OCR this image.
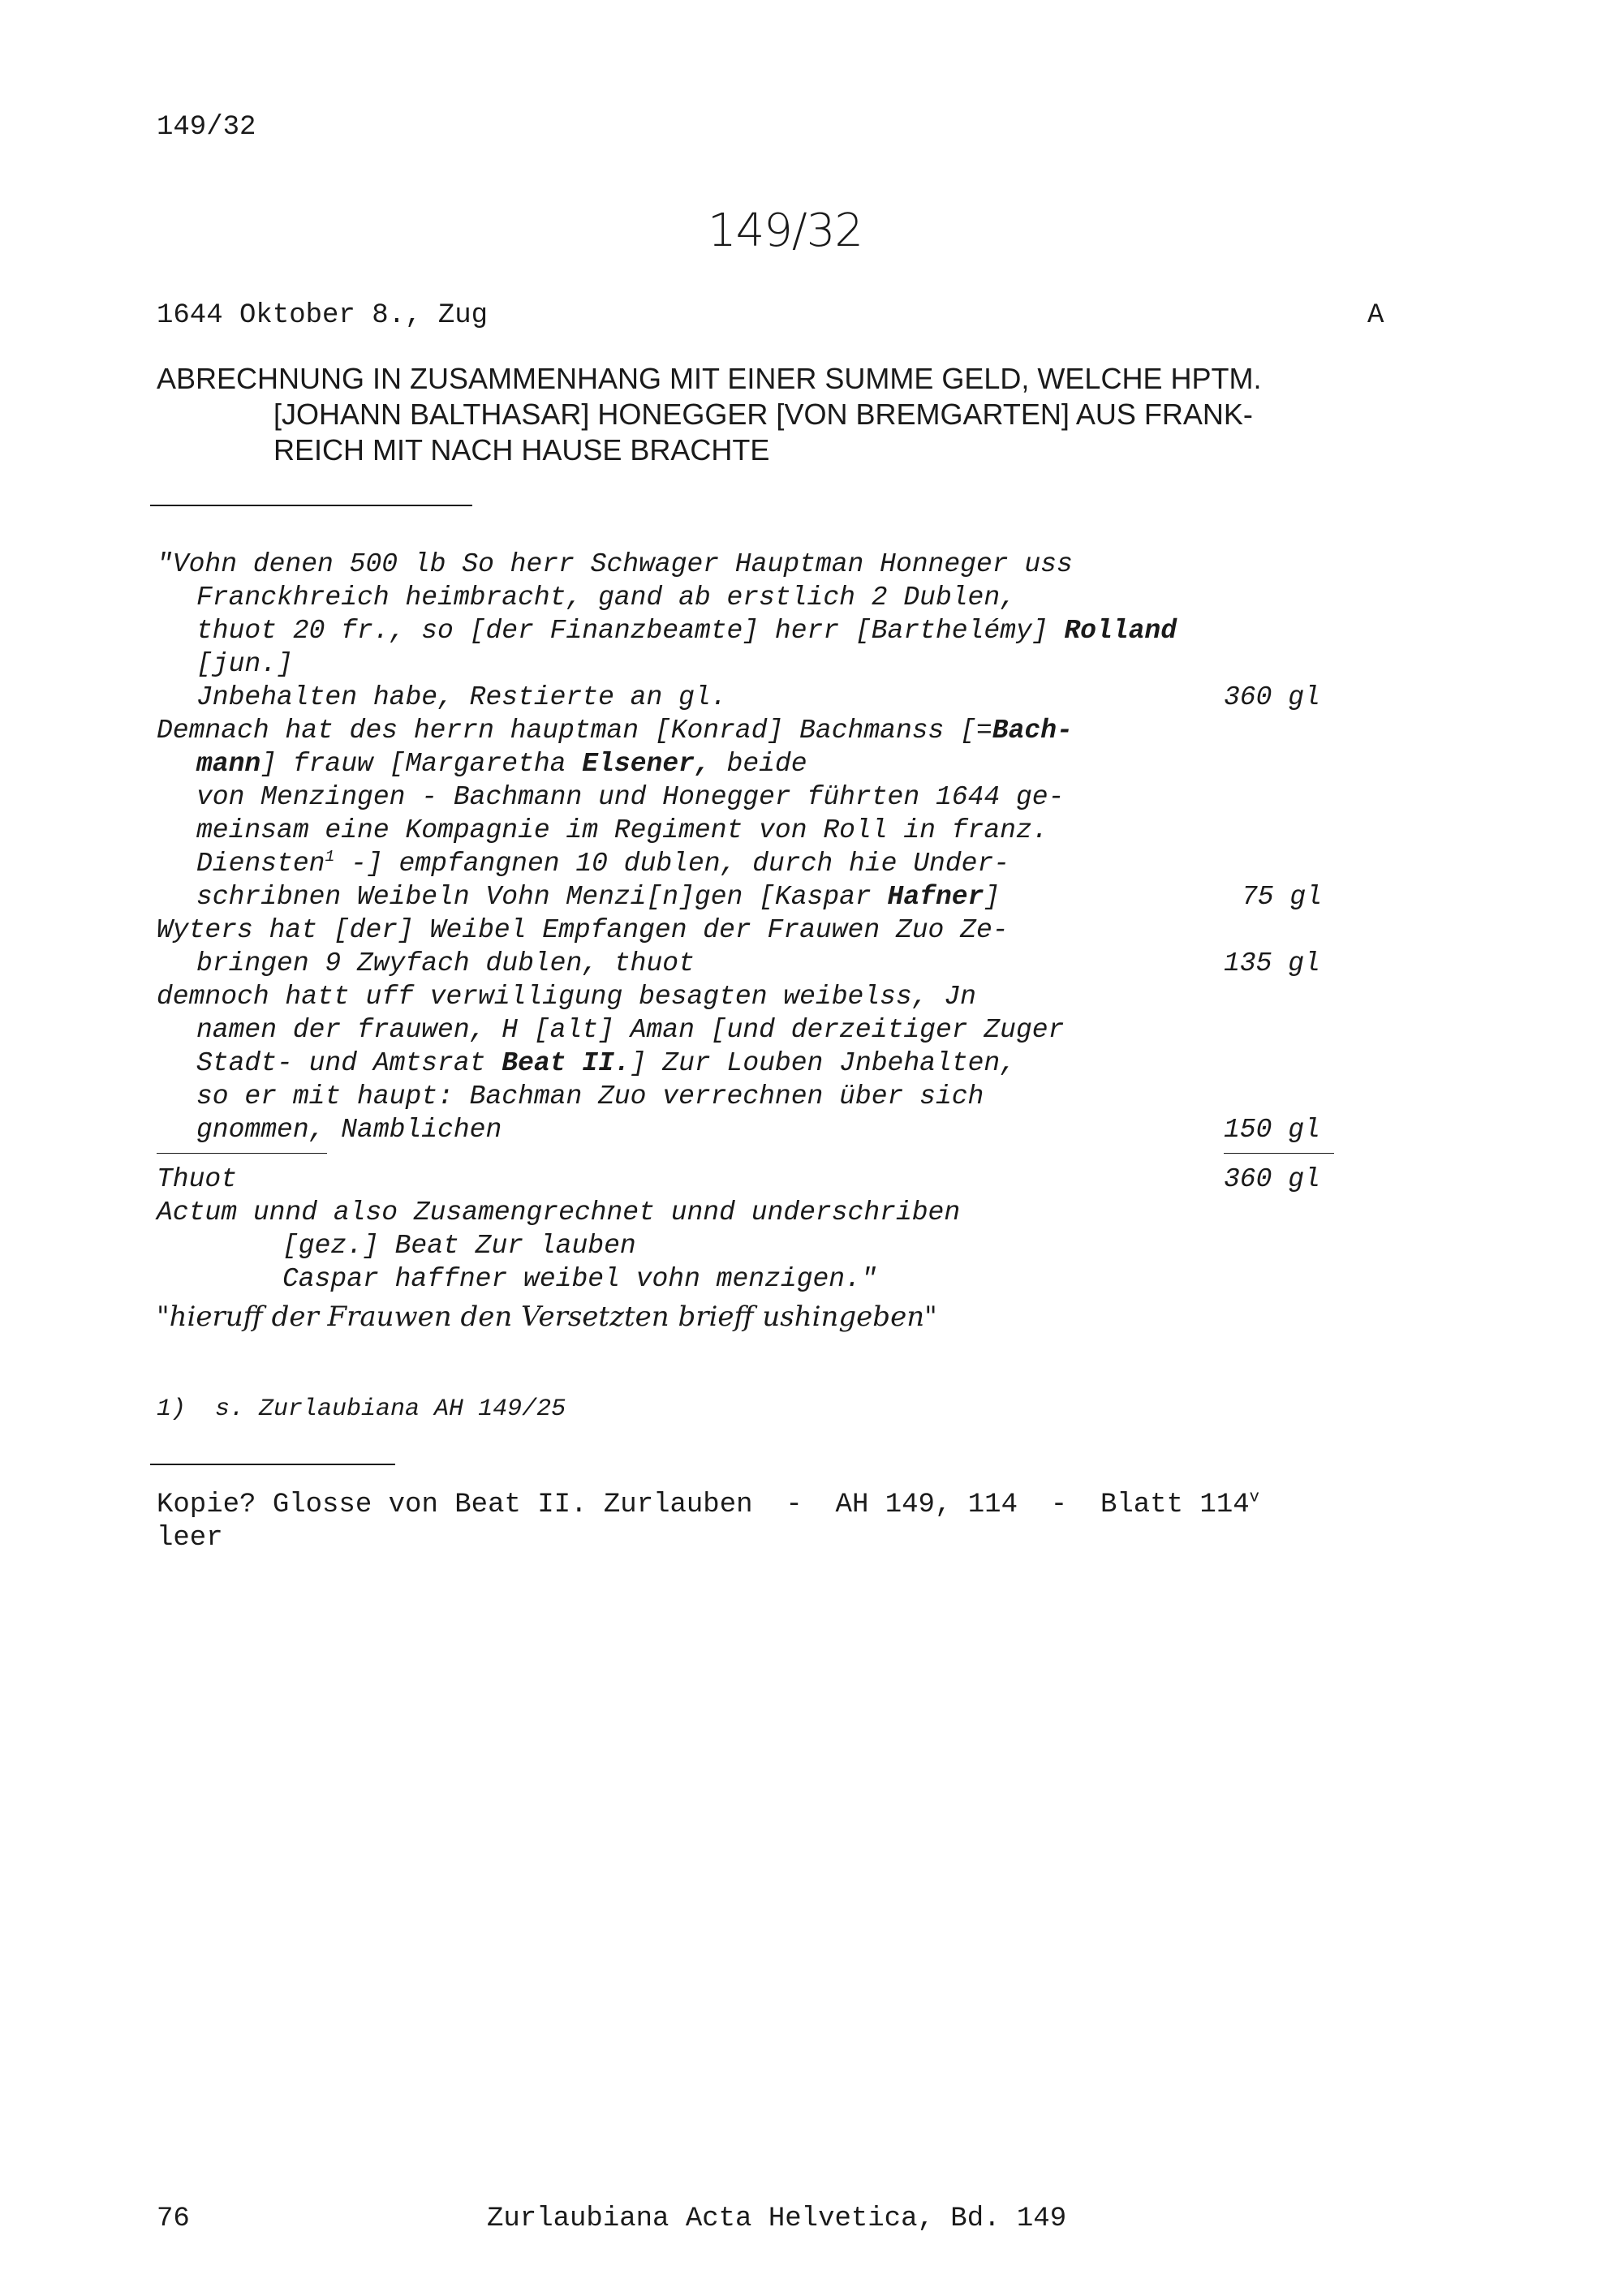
149/32
149/32
1644 Oktober 8., Zug	A
ABRECHNUNG IN ZUSAMMENHANG MIT EINER SUMME GELD, WELCHE HPTM.
[JOHANN BALTHASAR] HONEGGER [VON BREMGARTEN] AUS FRANK-
REICH MIT NACH HAUSE BRACHTE
"Vohn denen 500 lb So herr Schwager Hauptman Honneger uss
Franckhreich heimbracht, gand ab erstlich 2 Dublen,
thuot 20 fr., so [der Finanzbeamte] herr [Barthelémy] Rolland
[jun.]
Jnbehalten habe, Restierte an gl.
Demnach hat des herrn hauptman [Konrad] Bachmanss [=Bach-
mann] frauw [Margaretha Elsener, beide
von Menzingen - Bachmann und Honegger führten 1644 ge-
meinsam eine Kompagnie im Regiment von Roll in franz.
Diensten$^1$ -] empfangnen 10 dublen, durch hie Under-
schribnen Weibeln Vohn Menzi[n]gen [Kaspar Hafner]
Wyters hat [der] Weibel Empfangen der Frauwen Zuo Ze-
bringen 9 Zwyfach dublen, thuot
demnoch hatt uff verwilligung besagten weibelss, Jn
namen der frauwen, H [alt] Aman [und derzeitiger Zuger
Stadt- und Amtsrat Beat II.] Zur Louben Jnbehalten,
so er mit haupt: Bachman Zuo verrechnen über sich
gnommen, Namblichen
Thuot
Actum unnd also Zusamengrechnet unnd underschriben
[gez.] Beat Zur lauben
Caspar haffner weibel vohn menzigen."
"hieruff der Frauwen den Versetzten brieff ushingeben"
360 gl
75 gl
135 gl
150 gl
360 gl
1)  s. Zurlaubiana AH 149/25
Kopie? Glosse von Beat II. Zurlauben  -  AH 149, 114  -  Blatt 114$^v$
leer
76	Zurlaubiana Acta Helvetica, Bd. 149
